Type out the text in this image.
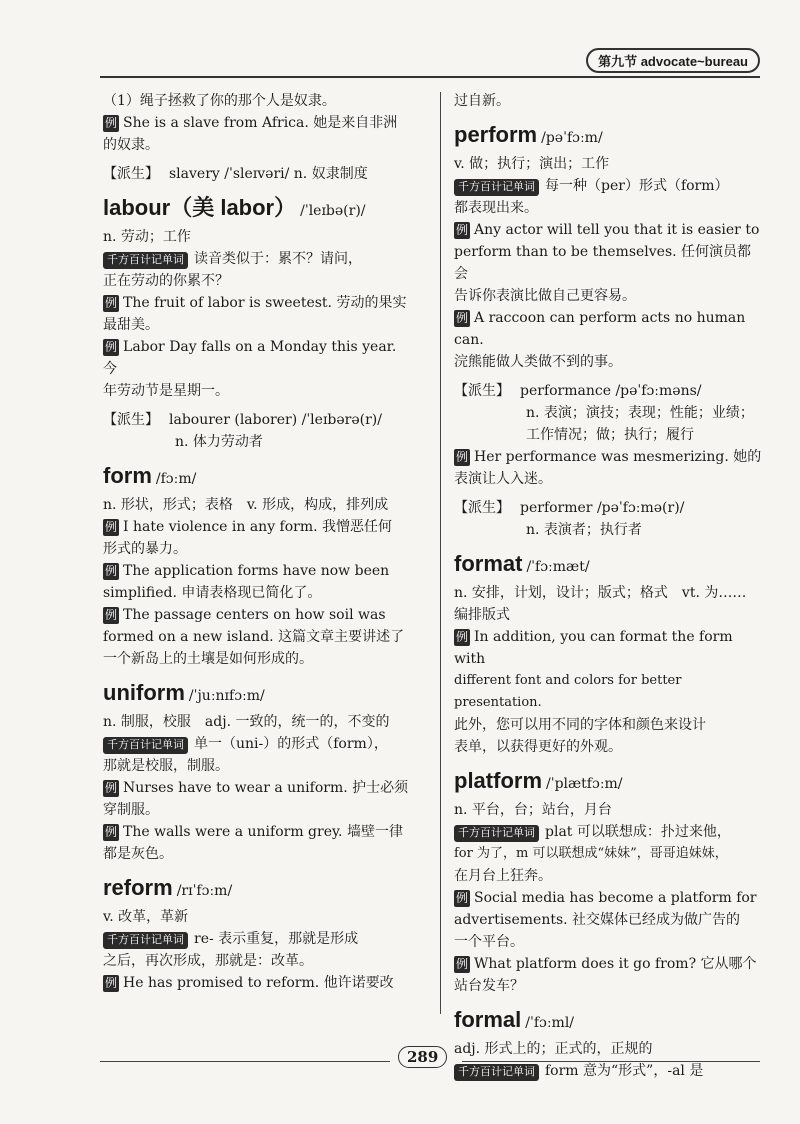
第九节 advocate~bureau

（1）绳子拯救了你的那个人是奴隶。

例 She is a slave from Africa. 她是来自非洲

的奴隶。

【派生】 slavery /ˈsleɪvəri/ n. 奴隶制度

labour（美 labor） /ˈleɪbə(r)/

n. 劳动；工作

千方百计记单词 读音类似于：累不？请问，

正在劳动的你累不？

例 The fruit of labor is sweetest. 劳动的果实

最甜美。

例 Labor Day falls on a Monday this year. 今

年劳动节是星期一。

【派生】 labourer (laborer) /ˈleɪbərə(r)/

n. 体力劳动者

form /fɔːm/

n. 形状，形式；表格　v. 形成，构成，排列成

例 I hate violence in any form. 我憎恶任何

形式的暴力。

例 The application forms have now been

simplified. 申请表格现已简化了。

例 The passage centers on how soil was

formed on a new island. 这篇文章主要讲述了

一个新岛上的土壤是如何形成的。

uniform /ˈjuːnɪfɔːm/

n. 制服，校服　adj. 一致的，统一的，不变的

千方百计记单词 单一（uni-）的形式（form），

那就是校服，制服。

例 Nurses have to wear a uniform. 护士必须

穿制服。

例 The walls were a uniform grey. 墙壁一律

都是灰色。

reform /rɪˈfɔːm/

v. 改革，革新

千方百计记单词 re- 表示重复，那就是形成

之后，再次形成，那就是：改革。

例 He has promised to reform. 他许诺要改

过自新。

perform /pəˈfɔːm/

v. 做；执行；演出；工作

千方百计记单词 每一种（per）形式（form）

都表现出来。

例 Any actor will tell you that it is easier to

perform than to be themselves. 任何演员都会

告诉你表演比做自己更容易。

例 A raccoon can perform acts no human can.

浣熊能做人类做不到的事。

【派生】 performance /pəˈfɔːməns/

n. 表演；演技；表现；性能；业绩；

工作情况；做；执行；履行

例 Her performance was mesmerizing. 她的

表演让人入迷。

【派生】 performer /pəˈfɔːmə(r)/

n. 表演者；执行者

format /ˈfɔːmæt/

n. 安排，计划，设计；版式；格式　vt. 为……

编排版式

例 In addition, you can format the form with

different font and colors for better presentation.

此外，您可以用不同的字体和颜色来设计

表单，以获得更好的外观。

platform /ˈplætfɔːm/

n. 平台，台；站台，月台

千方百计记单词 plat 可以联想成：扑过来他，

for 为了，m 可以联想成“妹妹”，哥哥追妹妹，

在月台上狂奔。

例 Social media has become a platform for

advertisements. 社交媒体已经成为做广告的

一个平台。

例 What platform does it go from? 它从哪个

站台发车？

formal /ˈfɔːml/

adj. 形式上的；正式的，正规的

千方百计记单词 form 意为“形式”，-al 是

289
